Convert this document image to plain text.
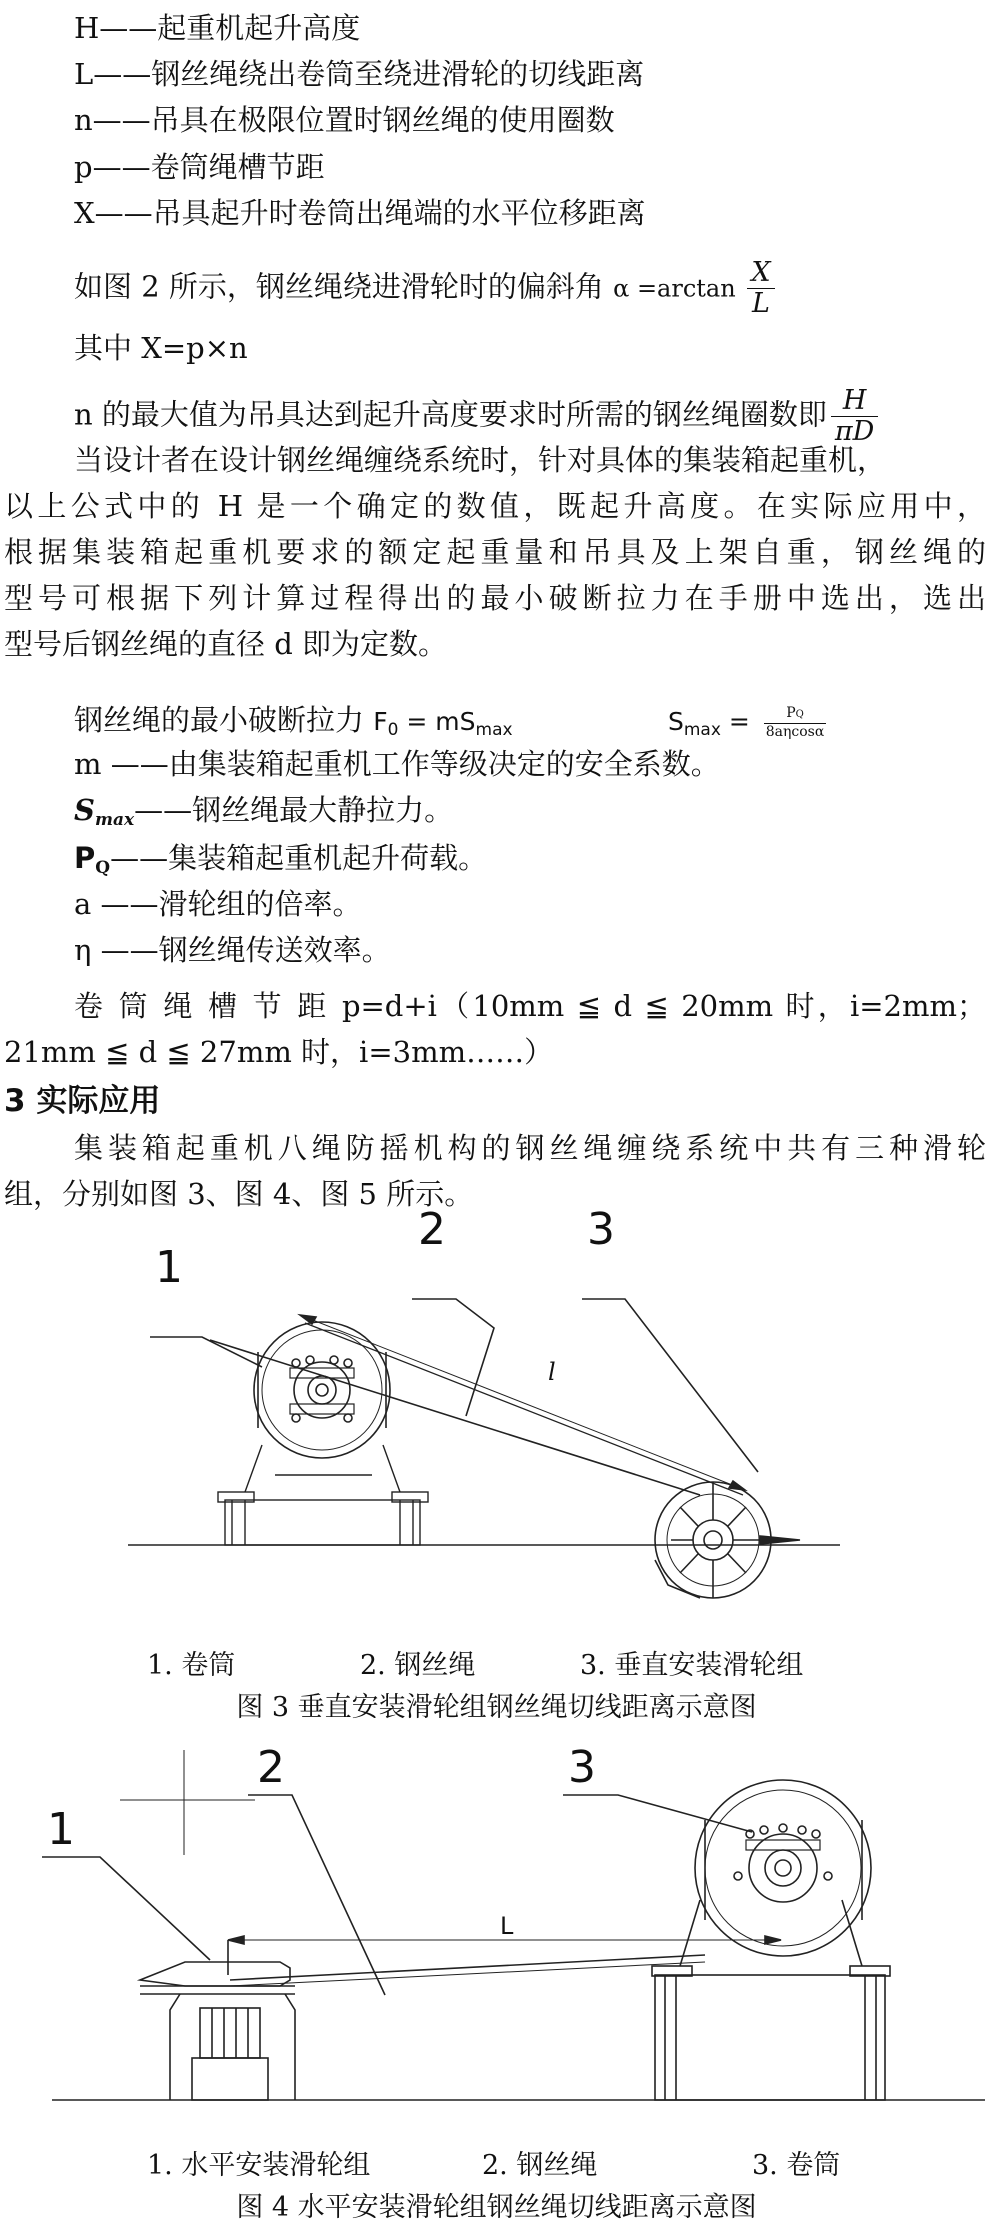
H——起重机起升高度
L——钢丝绳绕出卷筒至绕进滑轮的切线距离
n——吊具在极限位置时钢丝绳的使用圈数
p——卷筒绳槽节距
X——吊具起升时卷筒出绳端的水平位移距离
如图 2 所示，钢丝绳绕进滑轮时的偏斜角 $\alpha =\arctan \frac{X}{L}$
其中 X=p×n
n 的最大值为吊具达到起升高度要求时所需的钢丝绳圈数即 $\frac{H}{\pi D}$
当设计者在设计钢丝绳缠绕系统时，针对具体的集装箱起重机，
以上公式中的 H 是一个确定的数值，既起升高度。在实际应用中，
根据集装箱起重机要求的额定起重量和吊具及上架自重，钢丝绳的
型号可根据下列计算过程得出的最小破断拉力在手册中选出，选出
型号后钢丝绳的直径 d 即为定数。
钢丝绳的最小破断拉力 $F_0 = mS_{max}$	$S_{max} = \frac{PQ}{8a\eta\cos\alpha}$
m ——由集装箱起重机工作等级决定的安全系数。
$S_{max}——$钢丝绳最大静拉力。
$P_Q——$集装箱起重机起升荷载。
a ——滑轮组的倍率。
η ——钢丝绳传送效率。
卷 筒 绳 槽 节 距 p=d+i（10mm ≦ d ≦ 20mm 时，i=2mm；
21mm ≦ d ≦ 27mm 时，i=3mm……）
3 实际应用
集装箱起重机八绳防摇机构的钢丝绳缠绕系统中共有三种滑轮
组，分别如图 3、图 4、图 5 所示。
1
2	3
l
1. 卷筒	2. 钢丝绳	3. 垂直安装滑轮组
图 3 垂直安装滑轮组钢丝绳切线距离示意图
1
2	3
L
1. 水平安装滑轮组	2. 钢丝绳	3. 卷筒
图 4 水平安装滑轮组钢丝绳切线距离示意图
